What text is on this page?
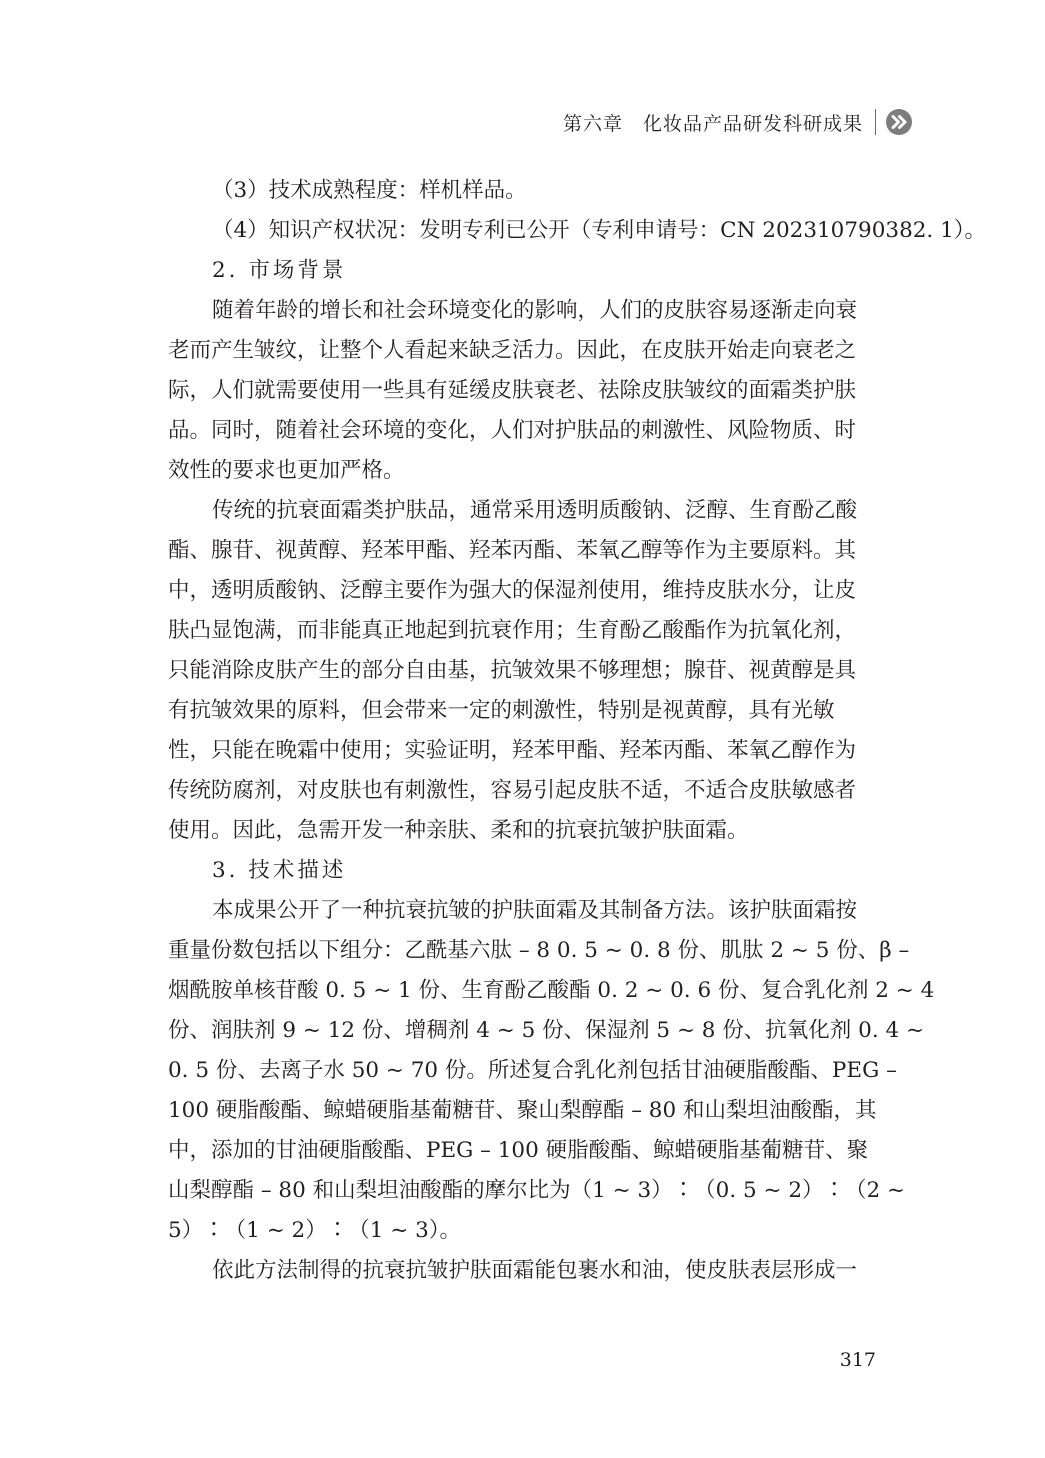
第六章　化妆品产品研发科研成果
（3）技术成熟程度：样机样品。
（4）知识产权状况：发明专利已公开（专利申请号：CN 202310790382. 1）。
2. 市场背景
随着年龄的增长和社会环境变化的影响，人们的皮肤容易逐渐走向衰
老而产生皱纹，让整个人看起来缺乏活力。因此，在皮肤开始走向衰老之
际，人们就需要使用一些具有延缓皮肤衰老、祛除皮肤皱纹的面霜类护肤
品。同时，随着社会环境的变化，人们对护肤品的刺激性、风险物质、时
效性的要求也更加严格。
传统的抗衰面霜类护肤品，通常采用透明质酸钠、泛醇、生育酚乙酸
酯、腺苷、视黄醇、羟苯甲酯、羟苯丙酯、苯氧乙醇等作为主要原料。其
中，透明质酸钠、泛醇主要作为强大的保湿剂使用，维持皮肤水分，让皮
肤凸显饱满，而非能真正地起到抗衰作用；生育酚乙酸酯作为抗氧化剂，
只能消除皮肤产生的部分自由基，抗皱效果不够理想；腺苷、视黄醇是具
有抗皱效果的原料，但会带来一定的刺激性，特别是视黄醇，具有光敏
性，只能在晚霜中使用；实验证明，羟苯甲酯、羟苯丙酯、苯氧乙醇作为
传统防腐剂，对皮肤也有刺激性，容易引起皮肤不适，不适合皮肤敏感者
使用。因此，急需开发一种亲肤、柔和的抗衰抗皱护肤面霜。
3. 技术描述
本成果公开了一种抗衰抗皱的护肤面霜及其制备方法。该护肤面霜按
重量份数包括以下组分：乙酰基六肽 – 8 0. 5 ~ 0. 8 份、肌肽 2 ~ 5 份、β –
烟酰胺单核苷酸 0. 5 ~ 1 份、生育酚乙酸酯 0. 2 ~ 0. 6 份、复合乳化剂 2 ~ 4
份、润肤剂 9 ~ 12 份、增稠剂 4 ~ 5 份、保湿剂 5 ~ 8 份、抗氧化剂 0. 4 ~
0. 5 份、去离子水 50 ~ 70 份。所述复合乳化剂包括甘油硬脂酸酯、PEG –
100 硬脂酸酯、鲸蜡硬脂基葡糖苷、聚山梨醇酯 – 80 和山梨坦油酸酯，其
中，添加的甘油硬脂酸酯、PEG – 100 硬脂酸酯、鲸蜡硬脂基葡糖苷、聚
山梨醇酯 – 80 和山梨坦油酸酯的摩尔比为（1 ~ 3）∶（0. 5 ~ 2）∶（2 ~
5）∶（1 ~ 2）∶（1 ~ 3）。
依此方法制得的抗衰抗皱护肤面霜能包裹水和油，使皮肤表层形成一
317
